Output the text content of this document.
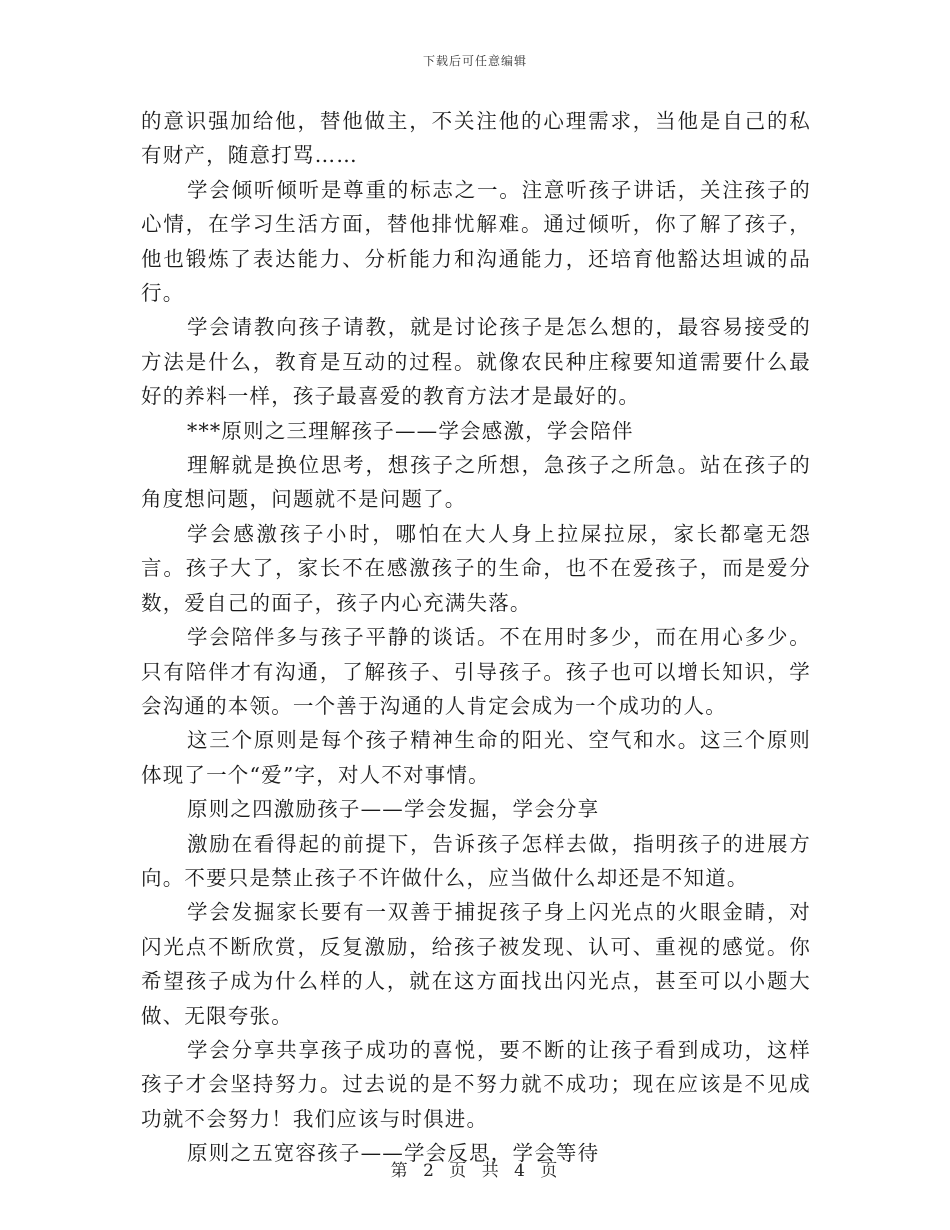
下载后可任意编辑

的意识强加给他，替他做主，不关注他的心理需求，当他是自己的私有财产，随意打骂……

学会倾听倾听是尊重的标志之一。注意听孩子讲话，关注孩子的心情，在学习生活方面，替他排忧解难。通过倾听，你了解了孩子，他也锻炼了表达能力、分析能力和沟通能力，还培育他豁达坦诚的品行。

学会请教向孩子请教，就是讨论孩子是怎么想的，最容易接受的方法是什么，教育是互动的过程。就像农民种庄稼要知道需要什么最好的养料一样，孩子最喜爱的教育方法才是最好的。

***原则之三理解孩子——学会感激，学会陪伴

理解就是换位思考，想孩子之所想，急孩子之所急。站在孩子的角度想问题，问题就不是问题了。

学会感激孩子小时，哪怕在大人身上拉屎拉尿，家长都毫无怨言。孩子大了，家长不在感激孩子的生命，也不在爱孩子，而是爱分数，爱自己的面子，孩子内心充满失落。

学会陪伴多与孩子平静的谈话。不在用时多少，而在用心多少。只有陪伴才有沟通，了解孩子、引导孩子。孩子也可以增长知识，学会沟通的本领。一个善于沟通的人肯定会成为一个成功的人。

这三个原则是每个孩子精神生命的阳光、空气和水。这三个原则体现了一个“爱”字，对人不对事情。

原则之四激励孩子——学会发掘，学会分享

激励在看得起的前提下，告诉孩子怎样去做，指明孩子的进展方向。不要只是禁止孩子不许做什么，应当做什么却还是不知道。

学会发掘家长要有一双善于捕捉孩子身上闪光点的火眼金睛，对闪光点不断欣赏，反复激励，给孩子被发现、认可、重视的感觉。你希望孩子成为什么样的人，就在这方面找出闪光点，甚至可以小题大做、无限夸张。

学会分享共享孩子成功的喜悦，要不断的让孩子看到成功，这样孩子才会坚持努力。过去说的是不努力就不成功；现在应该是不见成功就不会努力！我们应该与时俱进。

原则之五宽容孩子——学会反思，学会等待

第 2 页 共 4 页
